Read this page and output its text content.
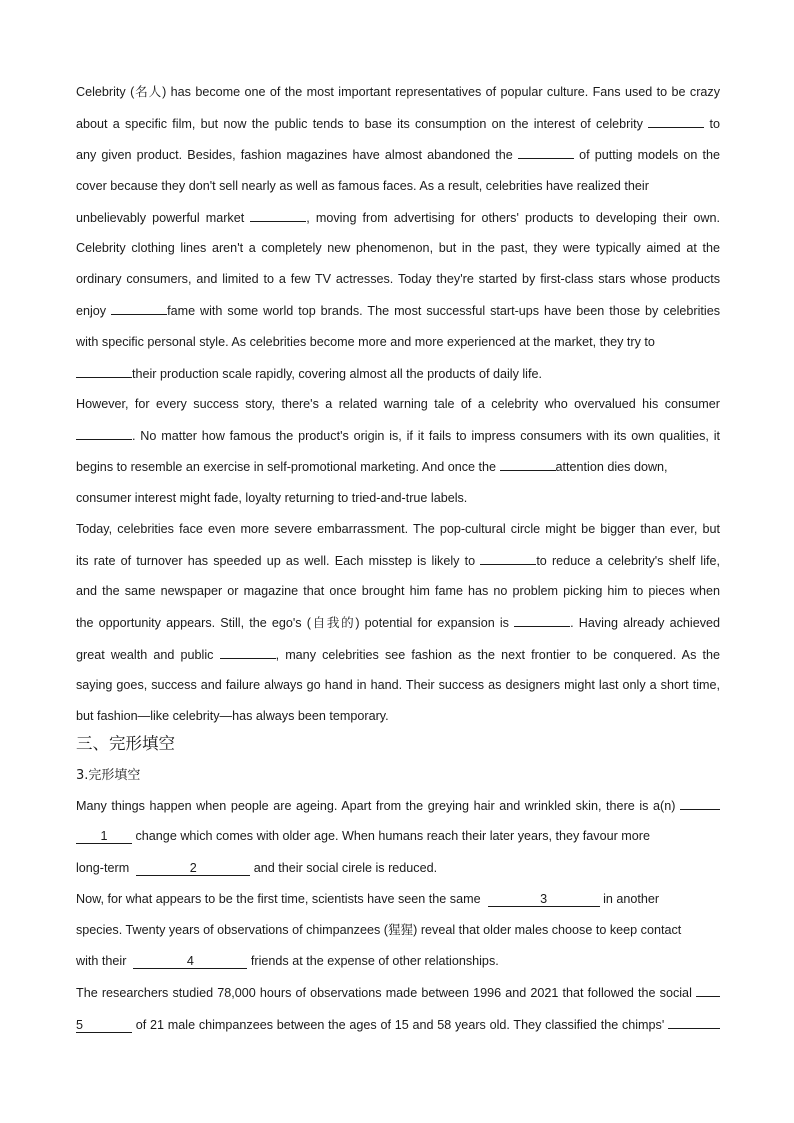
Celebrity (名人) has become one of the most important representatives of popular culture. Fans used to be crazy
about a specific film, but now the public tends to base its consumption on the interest of celebrity	to
any given product. Besides, fashion magazines have almost abandoned the	of putting models on the
cover because they don't sell nearly as well as famous faces. As a result, celebrities have realized their
unbelievably powerful market	, moving from advertising for others' products to developing their own.
Celebrity clothing lines aren't a completely new phenomenon, but in the past, they were typically aimed at the
ordinary consumers, and limited to a few TV actresses. Today they're started by first-class stars whose products
enjoy	fame with some world top brands. The most successful start-ups have been those by celebrities
with specific personal style. As celebrities become more and more experienced at the market, they try to
their production scale rapidly, covering almost all the products of daily life.
However, for every success story, there's a related warning tale of a celebrity who overvalued his consumer
. No matter how famous the product's origin is, if it fails to impress consumers with its own qualities, it
begins to resemble an exercise in self-promotional marketing. And once the	attention dies down,
consumer interest might fade, loyalty returning to tried-and-true labels.
Today, celebrities face even more severe embarrassment. The pop-cultural circle might be bigger than ever, but
its rate of turnover has speeded up as well. Each misstep is likely to	to reduce a celebrity's shelf life,
and the same newspaper or magazine that once brought him fame has no problem picking him to pieces when
the opportunity appears. Still, the ego's (自我的) potential for expansion is	. Having already achieved
great wealth and public	, many celebrities see fashion as the next frontier to be conquered. As the
saying goes, success and failure always go hand in hand. Their success as designers might last only a short time,
but fashion—like celebrity—has always been temporary.
三、完形填空
3.完形填空
Many things happen when people are ageing. Apart from the greying hair and wrinkled skin, there is a(n)
1 change which comes with older age. When humans reach their later years, they favour more
long-term	2	and their social cirele is reduced.
Now, for what appears to be the first time, scientists have seen the same	3	in another
species. Twenty years of observations of chimpanzees (猩猩) reveal that older males choose to keep contact
with their	4	friends at the expense of other relationships.
The researchers studied 78,000 hours of observations made between 1996 and 2021 that followed the social
5	of 21 male chimpanzees between the ages of 15 and 58 years old. They classified the chimps'
